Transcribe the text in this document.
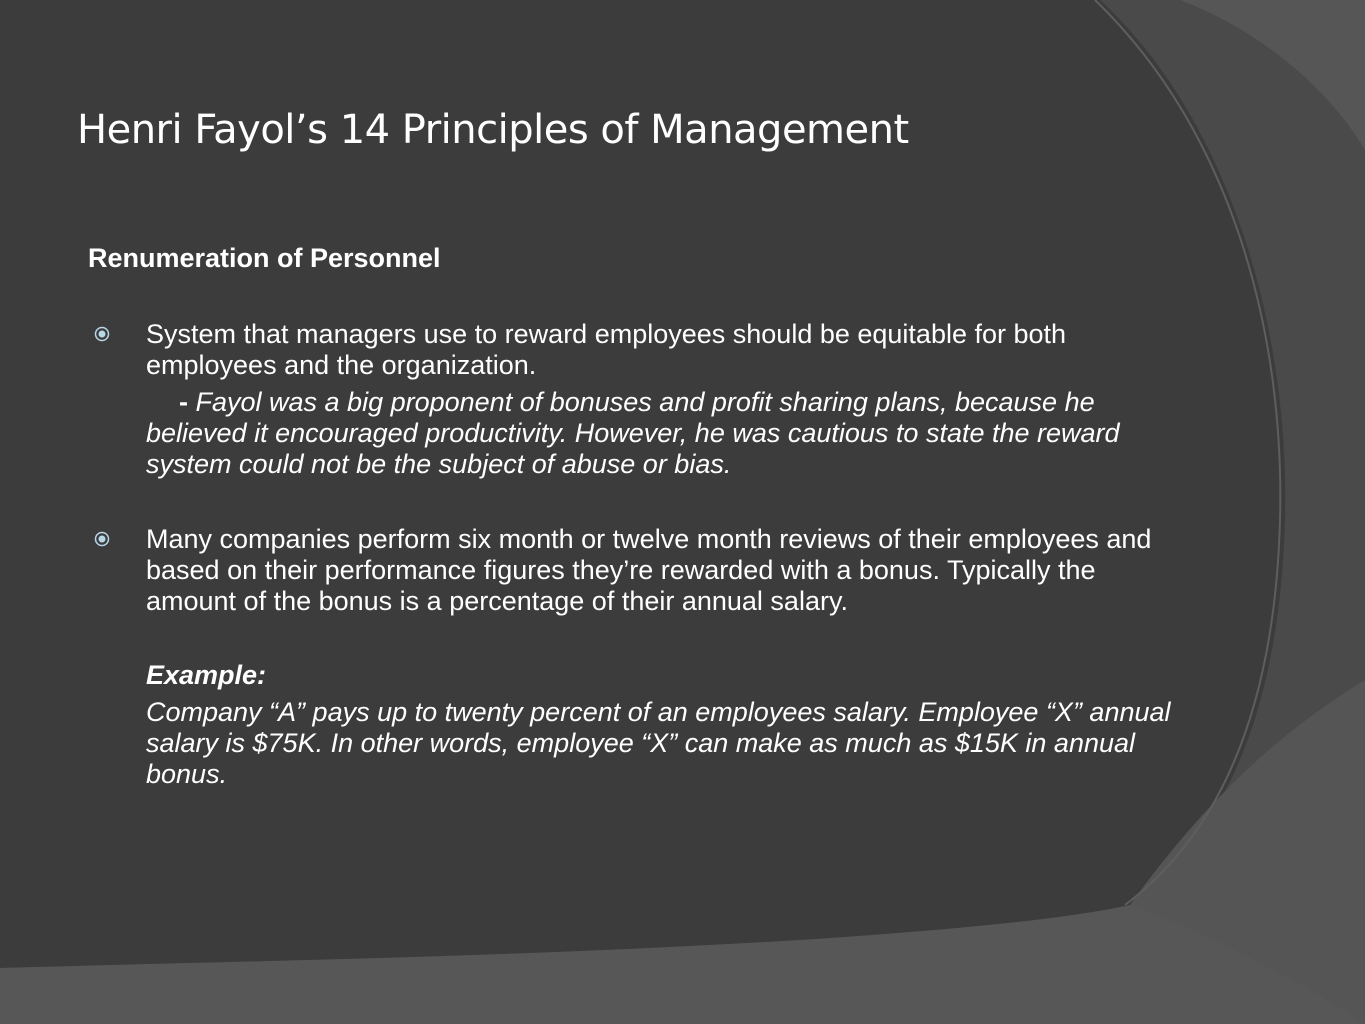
Henri Fayol’s 14 Principles of Management

Renumeration of Personnel

System that managers use to reward employees should be equitable for both employees and the organization.

- Fayol was a big proponent of bonuses and profit sharing plans, because he believed it encouraged productivity. However, he was cautious to state the reward system could not be the subject of abuse or bias.

Many companies perform six month or twelve month reviews of their employees and based on their performance figures they’re rewarded with a bonus. Typically the amount of the bonus is a percentage of their annual salary.

Example:

Company “A” pays up to twenty percent of an employees salary. Employee “X” annual salary is $75K. In other words, employee “X” can make as much as $15K in annual bonus.
